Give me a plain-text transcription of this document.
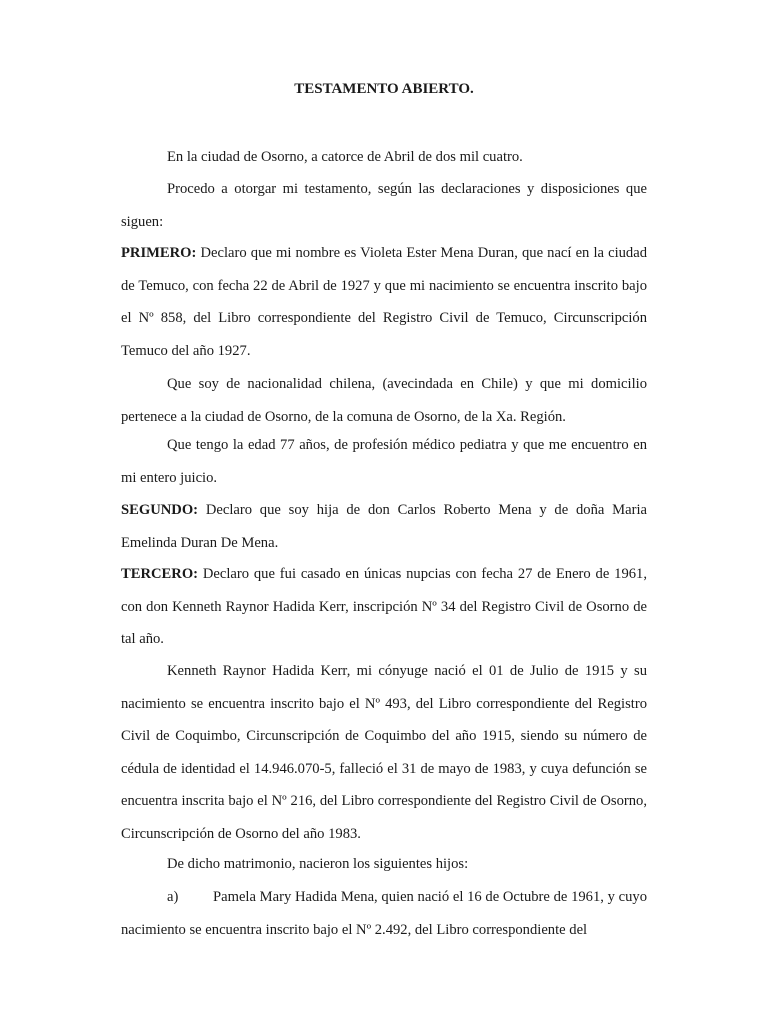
TESTAMENTO ABIERTO.

En la ciudad de Osorno, a catorce de Abril de dos mil cuatro.

Procedo a otorgar mi testamento, según las declaraciones y disposiciones que siguen:

PRIMERO: Declaro que mi nombre es Violeta Ester Mena Duran, que nací en la ciudad de Temuco, con fecha 22 de Abril de 1927 y que mi nacimiento se encuentra inscrito bajo el Nº 858, del Libro correspondiente del Registro Civil de Temuco, Circunscripción Temuco del año 1927.

Que soy de nacionalidad chilena, (avecindada en Chile) y que mi domicilio pertenece a la ciudad de Osorno, de la comuna de Osorno, de la Xa. Región.

Que tengo la edad 77 años, de profesión médico pediatra y que me encuentro en mi entero juicio.

SEGUNDO: Declaro que soy hija de don Carlos Roberto Mena y de doña Maria Emelinda Duran De Mena.

TERCERO: Declaro que fui casado en únicas nupcias con fecha 27 de Enero de 1961, con don Kenneth Raynor Hadida Kerr, inscripción Nº 34 del Registro Civil de Osorno de tal año.

Kenneth Raynor Hadida Kerr, mi cónyuge nació el 01 de Julio de 1915 y su nacimiento se encuentra inscrito bajo el Nº 493, del Libro correspondiente del Registro Civil de Coquimbo, Circunscripción de Coquimbo del año 1915, siendo su número de cédula de identidad el 14.946.070-5, falleció el 31 de mayo de 1983, y cuya defunción se encuentra inscrita bajo el Nº 216, del Libro correspondiente del Registro Civil de Osorno, Circunscripción de Osorno del año 1983.

De dicho matrimonio, nacieron los siguientes hijos:

a) Pamela Mary Hadida Mena, quien nació el 16 de Octubre de 1961, y cuyo nacimiento se encuentra inscrito bajo el Nº 2.492, del Libro correspondiente del
